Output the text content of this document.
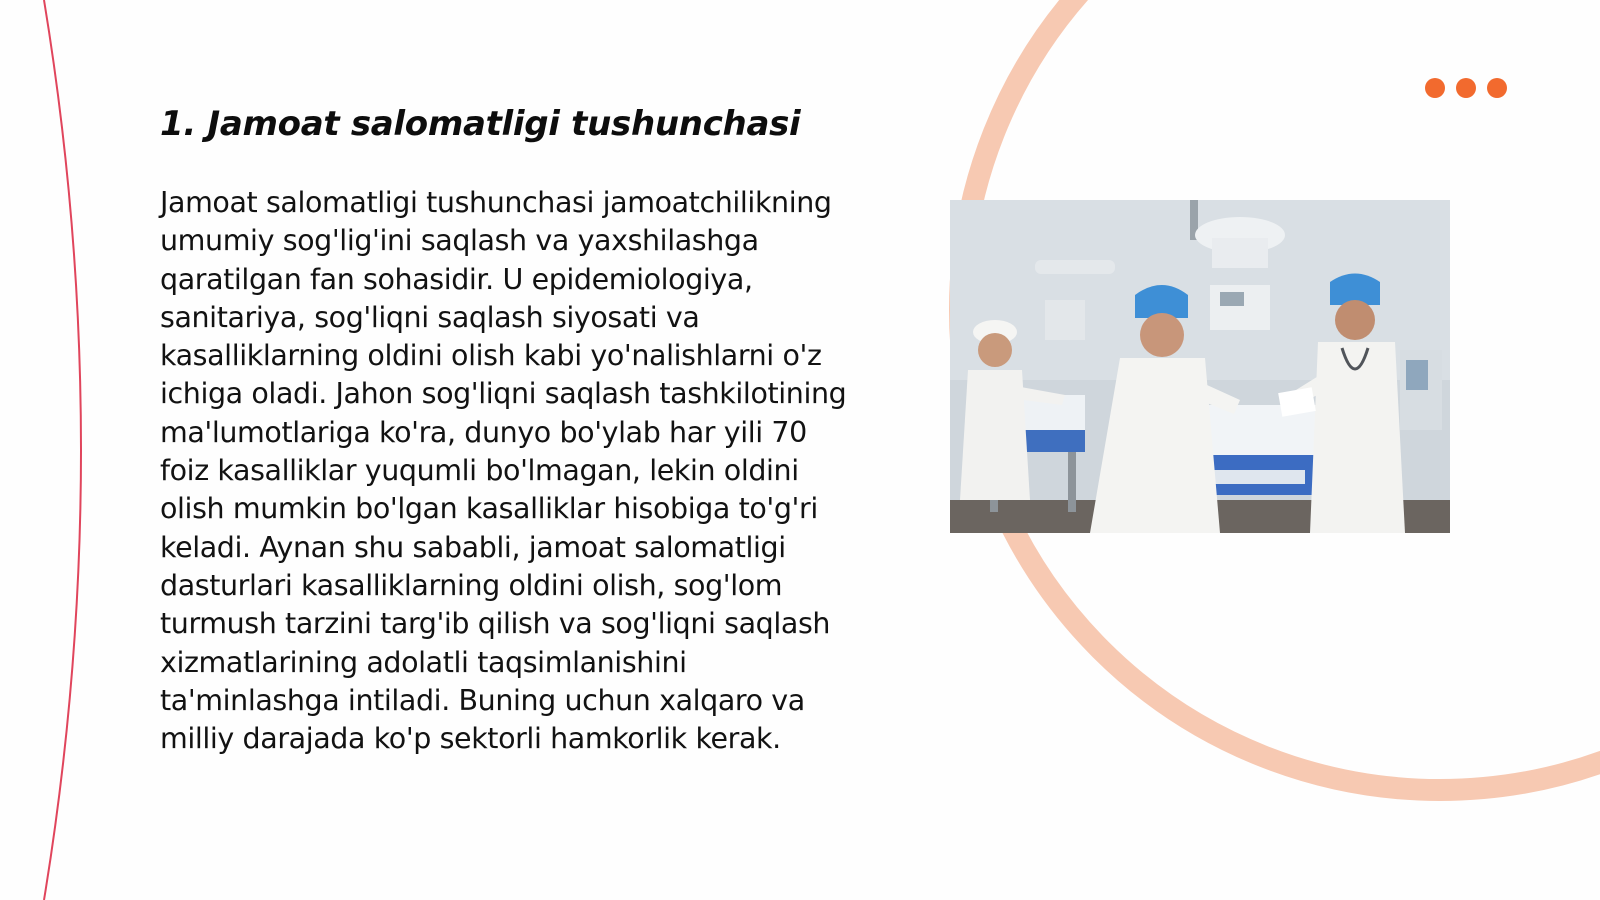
1. Jamoat salomatligi tushunchasi

Jamoat salomatligi tushunchasi jamoatchilikning umumiy sog'lig'ini saqlash va yaxshilashga qaratilgan fan sohasidir. U epidemiologiya, sanitariya, sog'liqni saqlash siyosati va kasalliklarning oldini olish kabi yo'nalishlarni o'z ichiga oladi. Jahon sog'liqni saqlash tashkilotining ma'lumotlariga ko'ra, dunyo bo'ylab har yili 70 foiz kasalliklar yuqumli bo'lmagan, lekin oldini olish mumkin bo'lgan kasalliklar hisobiga to'g'ri keladi. Aynan shu sababli, jamoat salomatligi dasturlari kasalliklarning oldini olish, sog'lom turmush tarzini targ'ib qilish va sog'liqni saqlash xizmatlarining adolatli taqsimlanishini ta'minlashga intiladi. Buning uchun xalqaro va milliy darajada ko'p sektorli hamkorlik kerak.
